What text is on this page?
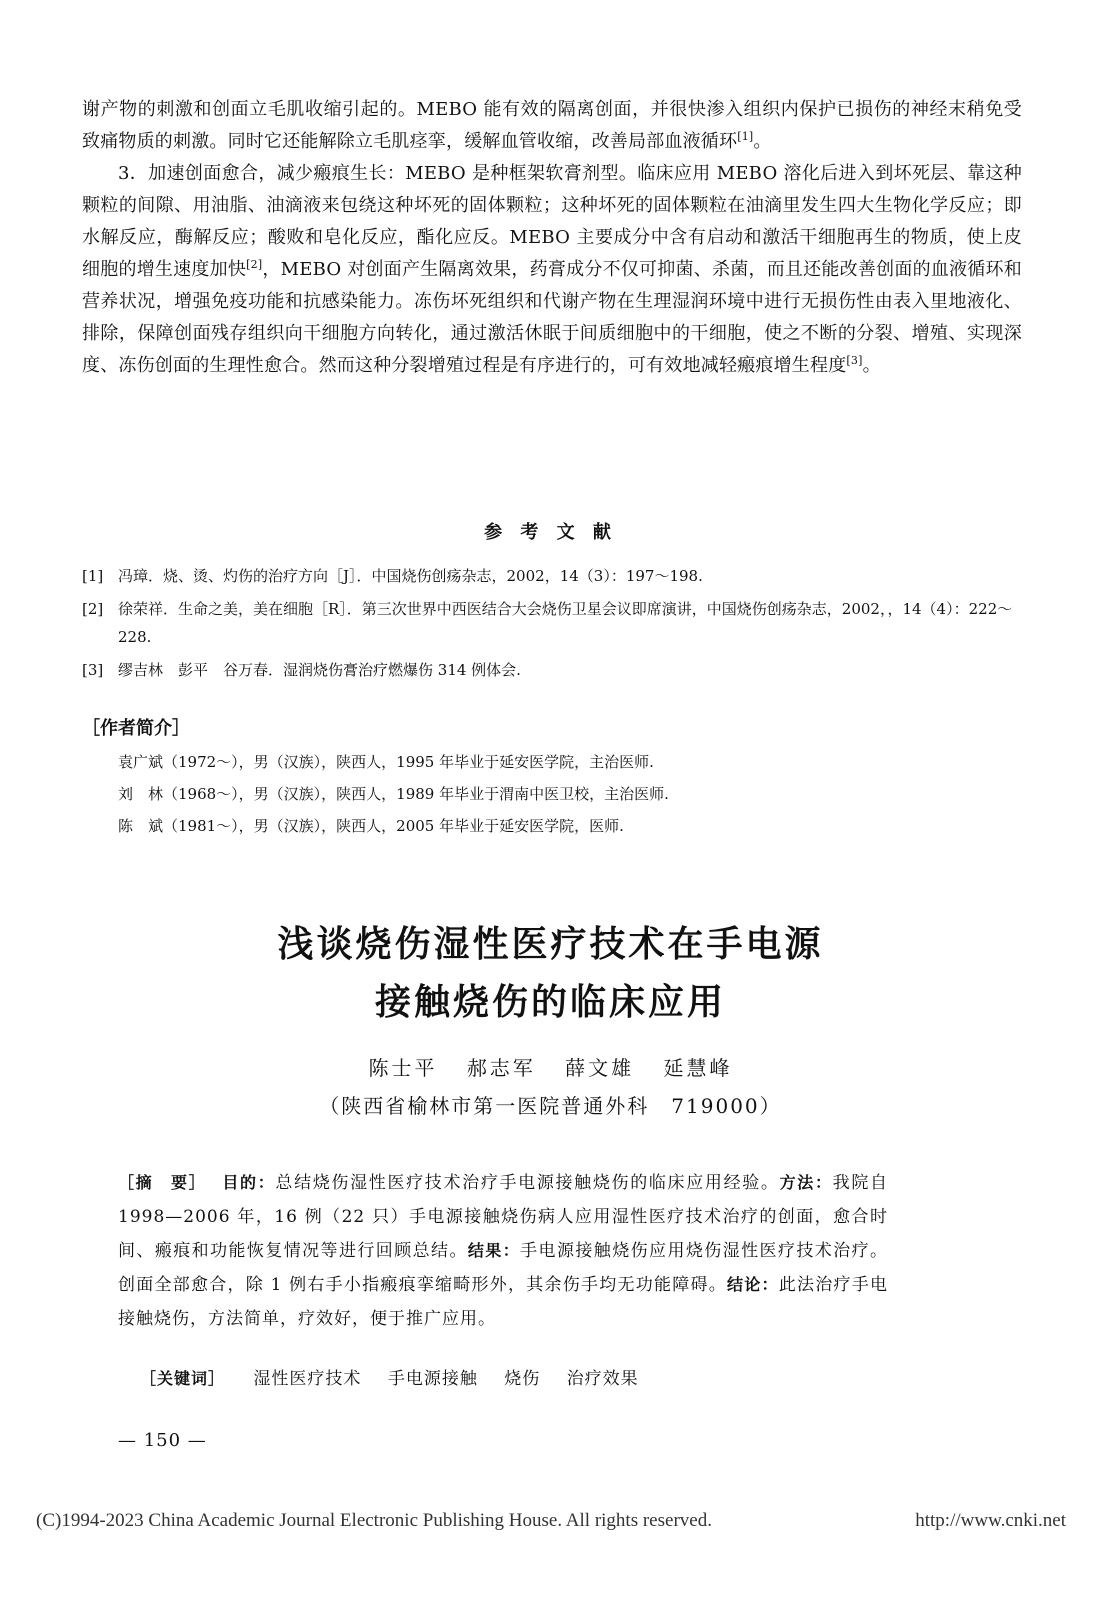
谢产物的刺激和创面立毛肌收缩引起的。MEBO 能有效的隔离创面，并很快渗入组织内保护已损伤的神经末稍免受致痛物质的刺激。同时它还能解除立毛肌痉挛，缓解血管收缩，改善局部血液循环[1]。

3．加速创面愈合，减少瘢痕生长：MEBO 是种框架软膏剂型。临床应用 MEBO 溶化后进入到坏死层、靠这种颗粒的间隙、用油脂、油滴液来包绕这种坏死的固体颗粒；这种坏死的固体颗粒在油滴里发生四大生物化学反应；即水解反应，酶解反应；酸败和皂化反应，酯化应反。MEBO 主要成分中含有启动和激活干细胞再生的物质，使上皮细胞的增生速度加快[2]，MEBO 对创面产生隔离效果，药膏成分不仅可抑菌、杀菌，而且还能改善创面的血液循环和营养状况，增强免疫功能和抗感染能力。冻伤坏死组织和代谢产物在生理湿润环境中进行无损伤性由表入里地液化、排除，保障创面残存组织向干细胞方向转化，通过激活休眠于间质细胞中的干细胞，使之不断的分裂、增殖、实现深度、冻伤创面的生理性愈合。然而这种分裂增殖过程是有序进行的，可有效地减轻瘢痕增生程度[3]。

参 考 文 献
[1] 冯璋．烧、烫、灼伤的治疗方向［J］．中国烧伤创疡杂志，2002，14（3）：197～198.
[2] 徐荣祥．生命之美，美在细胞［R］．第三次世界中西医结合大会烧伤卫星会议即席演讲，中国烧伤创疡杂志，2002，，14（4）：222～228.
[3] 缪吉林　彭平　谷万春．湿润烧伤膏治疗燃爆伤 314 例体会.
［作者简介］
袁广斌（1972～），男（汉族），陕西人，1995 年毕业于延安医学院，主治医师.
刘　林（1968～），男（汉族），陕西人，1989 年毕业于渭南中医卫校，主治医师.
陈　斌（1981～），男（汉族），陕西人，2005 年毕业于延安医学院，医师.
浅谈烧伤湿性医疗技术在手电源
接触烧伤的临床应用
陈士平 郝志军 薛文雄 延慧峰
（陕西省榆林市第一医院普通外科　719000）
［摘　要］ 目的：总结烧伤湿性医疗技术治疗手电源接触烧伤的临床应用经验。方法：我院自 1998—2006 年，16 例（22 只）手电源接触烧伤病人应用湿性医疗技术治疗的创面，愈合时间、瘢痕和功能恢复情况等进行回顾总结。结果：手电源接触烧伤应用烧伤湿性医疗技术治疗。创面全部愈合，除 1 例右手小指瘢痕挛缩畸形外，其余伤手均无功能障碍。结论：此法治疗手电接触烧伤，方法简单，疗效好，便于推广应用。
［关键词］ 湿性医疗技术 手电源接触 烧伤 治疗效果
— 150 —
(C)1994-2023 China Academic Journal Electronic Publishing House. All rights reserved.	http://www.cnki.net
